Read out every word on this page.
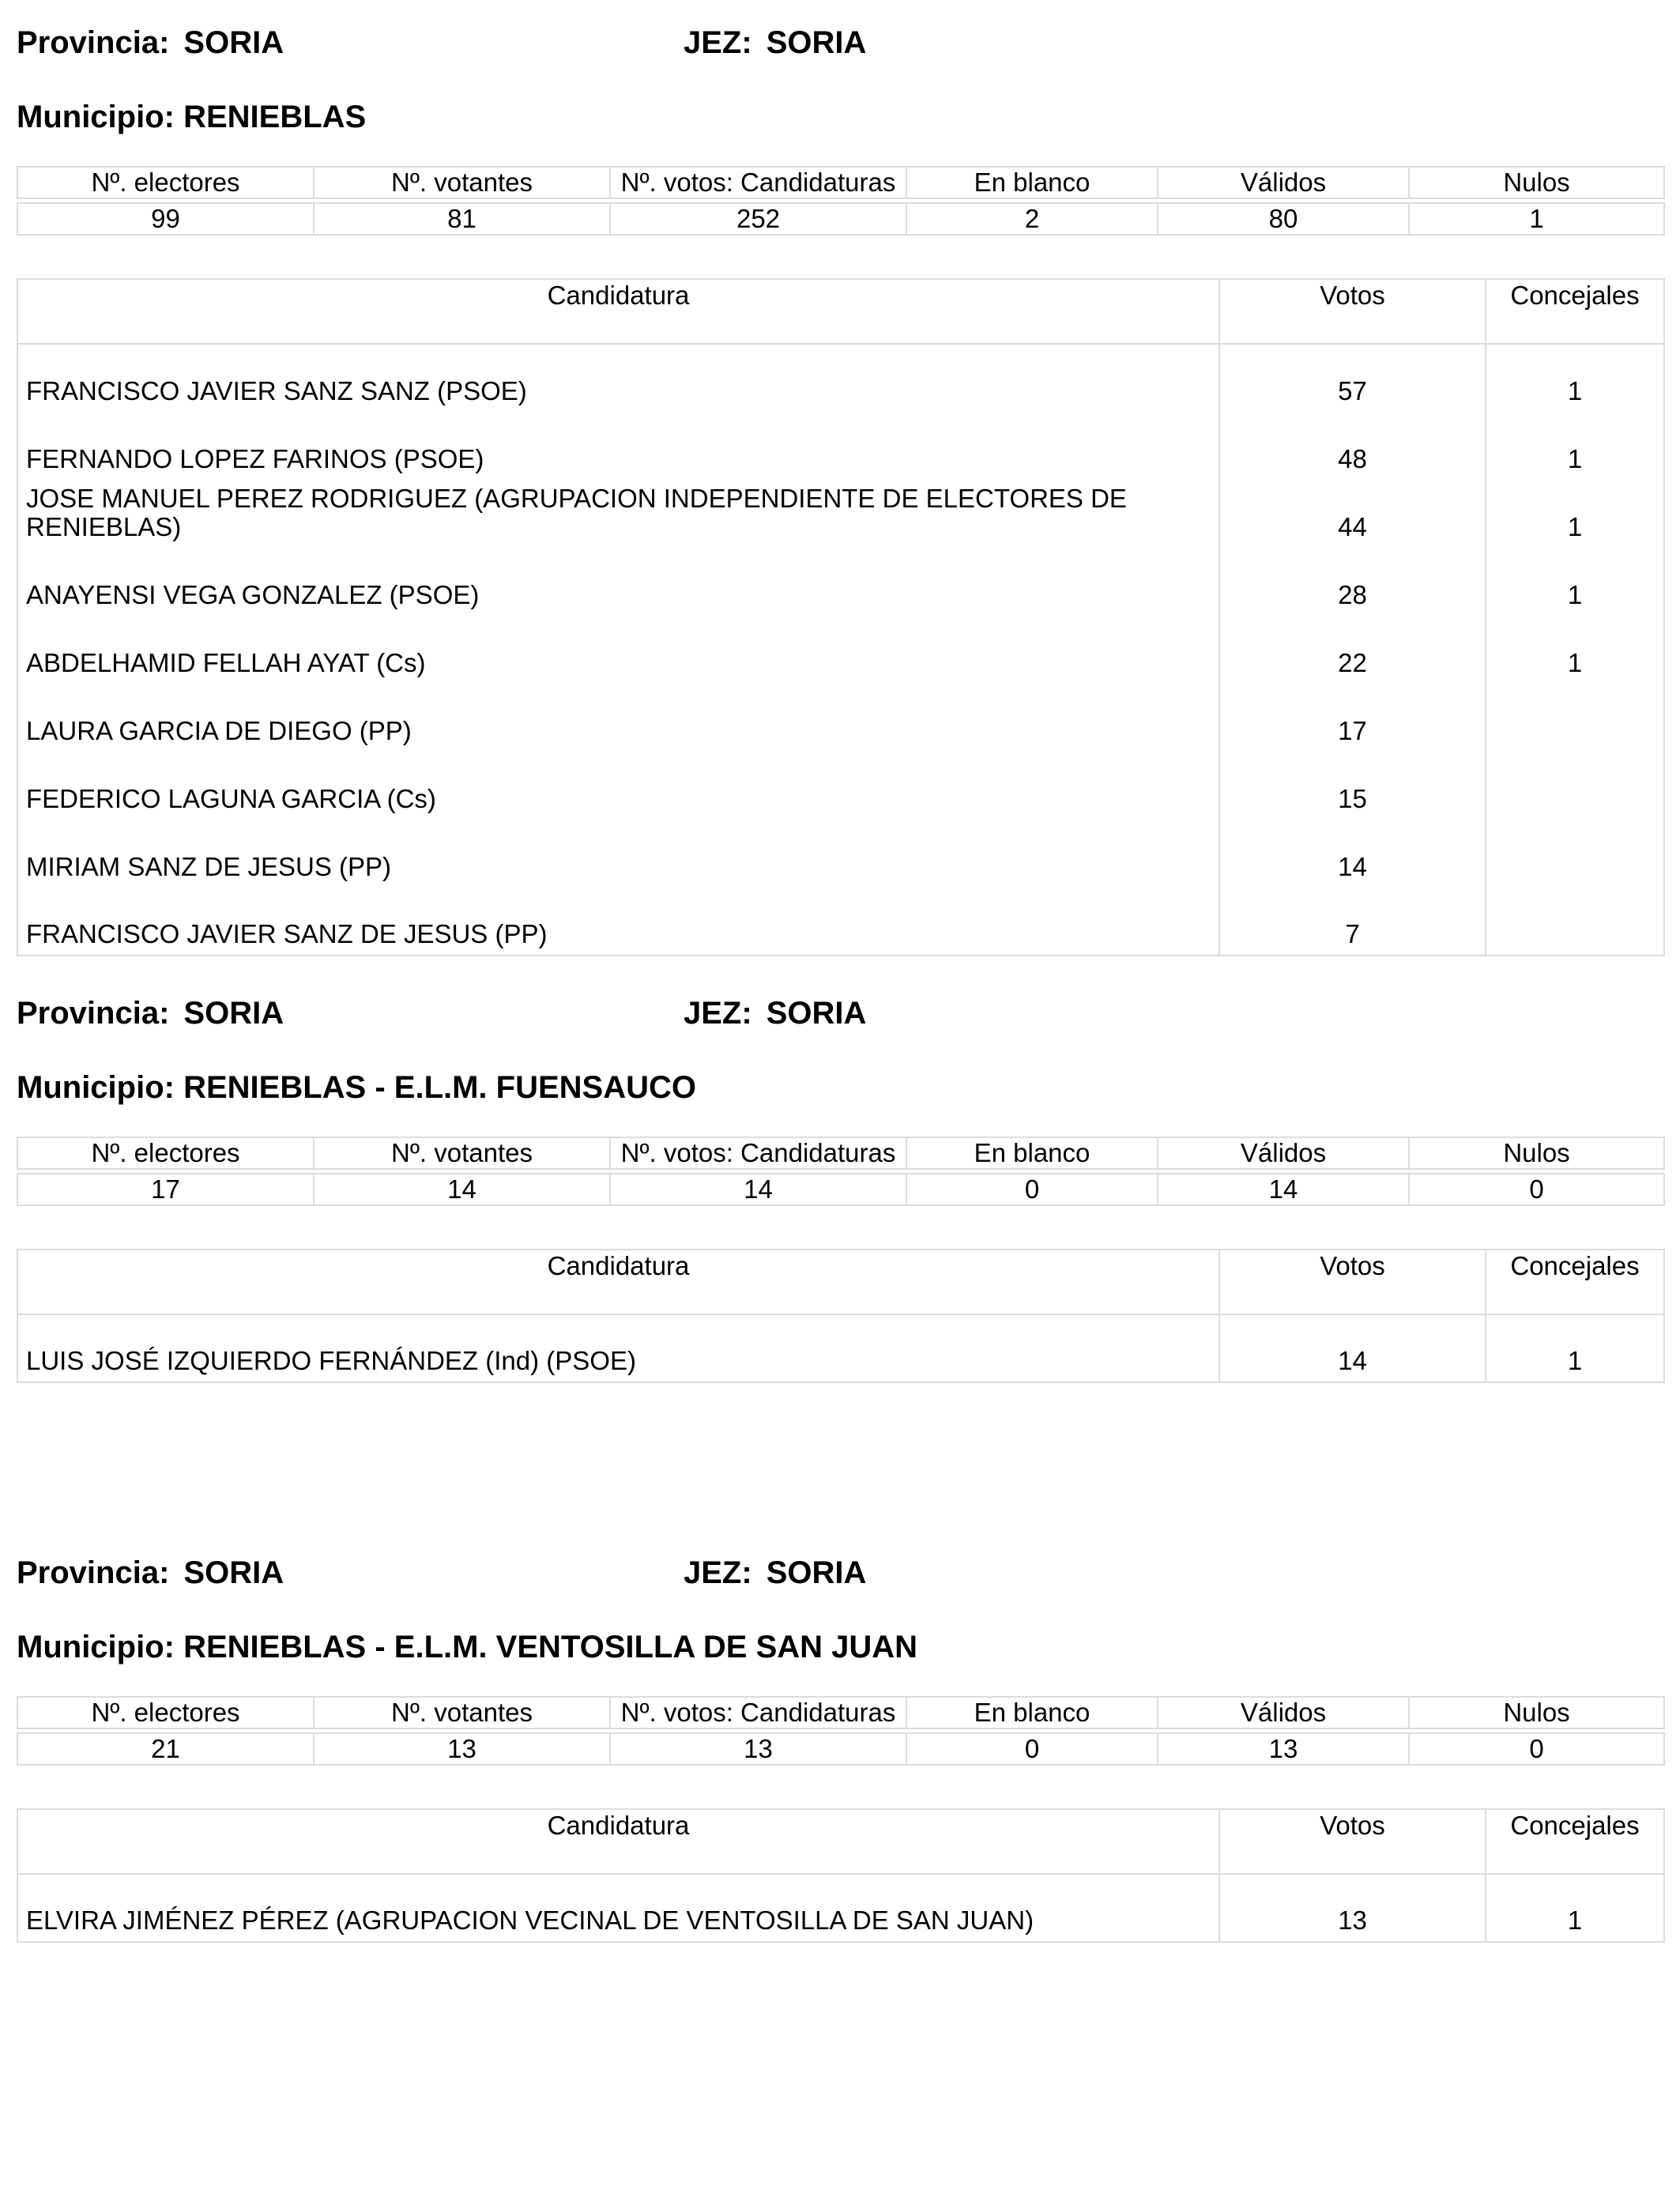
Provincia: SORIA	JEZ: SORIA
Municipio: RENIEBLAS
Nº. electores	Nº. votantes	Nº. votos: Candidaturas	En blanco	Válidos	Nulos

99	81	252	2	80	1
Candidatura	Votos	Concejales
FRANCISCO JAVIER SANZ SANZ (PSOE)	57	1
FERNANDO LOPEZ FARINOS (PSOE)	48	1
JOSE MANUEL PEREZ RODRIGUEZ (AGRUPACION INDEPENDIENTE DE ELECTORES DE RENIEBLAS)	44	1
ANAYENSI VEGA GONZALEZ (PSOE)	28	1
ABDELHAMID FELLAH AYAT (Cs)	22	1
LAURA GARCIA DE DIEGO (PP)	17	
FEDERICO LAGUNA GARCIA (Cs)	15	
MIRIAM SANZ DE JESUS (PP)	14	
FRANCISCO JAVIER SANZ DE JESUS (PP)	7	
Provincia: SORIA	JEZ: SORIA
Municipio: RENIEBLAS - E.L.M. FUENSAUCO
Nº. electores	Nº. votantes	Nº. votos: Candidaturas	En blanco	Válidos	Nulos

17	14	14	0	14	0
Candidatura	Votos	Concejales
LUIS JOSÉ IZQUIERDO FERNÁNDEZ (Ind) (PSOE)	14	1
Provincia: SORIA	JEZ: SORIA
Municipio: RENIEBLAS - E.L.M. VENTOSILLA DE SAN JUAN
Nº. electores	Nº. votantes	Nº. votos: Candidaturas	En blanco	Válidos	Nulos

21	13	13	0	13	0
Candidatura	Votos	Concejales
ELVIRA JIMÉNEZ PÉREZ (AGRUPACION VECINAL DE VENTOSILLA DE SAN JUAN)	13	1
